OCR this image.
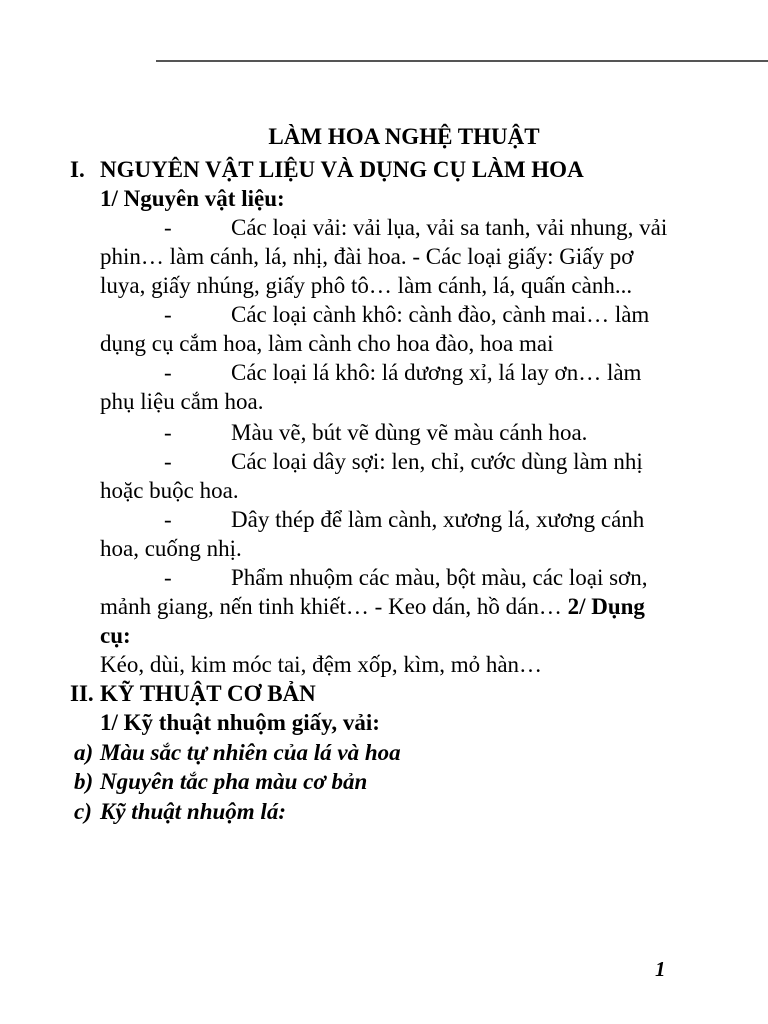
LÀM HOA NGHỆ THUẬT
I. NGUYÊN VẬT LIỆU VÀ DỤNG CỤ LÀM HOA
1/ Nguyên vật liệu:
-	Các loại vải: vải lụa, vải sa tanh, vải nhung, vải
phin… làm cánh, lá, nhị, đài hoa. - Các loại giấy: Giấy pơ
luya, giấy nhúng, giấy phô tô… làm cánh, lá, quấn cành...
-	Các loại cành khô: cành đào, cành mai… làm
dụng cụ cắm hoa, làm cành cho hoa đào, hoa mai
-	Các loại lá khô: lá dương xỉ, lá lay ơn… làm
phụ liệu cắm hoa.
-	Màu vẽ, bút vẽ dùng vẽ màu cánh hoa.
-	Các loại dây sợi: len, chỉ, cước dùng làm nhị
hoặc buộc hoa.
-	Dây thép để làm cành, xương lá, xương cánh
hoa, cuống nhị.
-	Phẩm nhuộm các màu, bột màu, các loại sơn,
mảnh giang, nến tinh khiết… - Keo dán, hồ dán… 2/ Dụng
cụ:
Kéo, dùi, kim móc tai, đệm xốp, kìm, mỏ hàn…
II. KỸ THUẬT CƠ BẢN
1/ Kỹ thuật nhuộm giấy, vải:
a) Màu sắc tự nhiên của lá và hoa
b) Nguyên tắc pha màu cơ bản
c) Kỹ thuật nhuộm lá:
1
